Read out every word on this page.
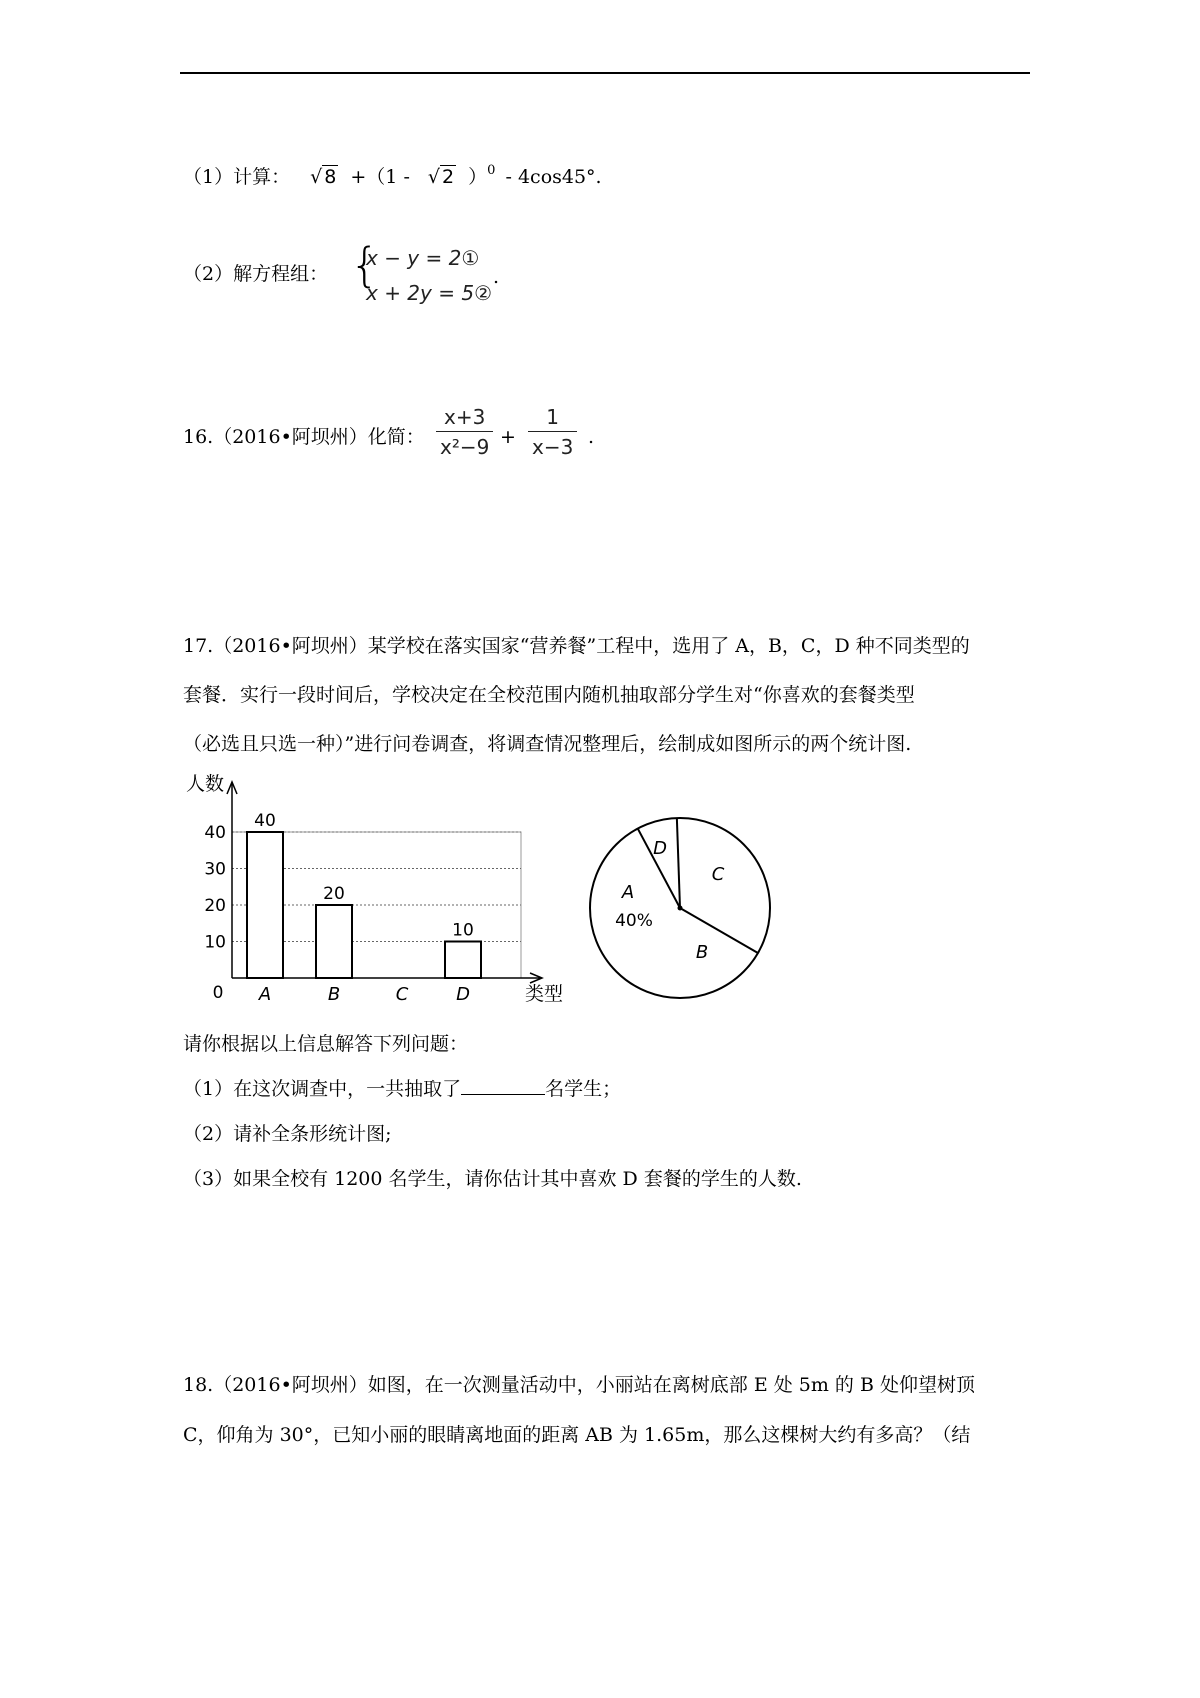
（1）计算： √ 8 +（1 - √ 2 ）$^0$ - 4cos45°.
（2）解方程组： {
x − y = 2①
x + 2y = 5②
.
16.（2016•阿坝州）化简： $\frac{x+3}{\text{x²−9}} + \frac{1}{x-3}$ .
17.（2016•阿坝州）某学校在落实国家“营养餐”工程中，选用了 A，B，C，D 种不同类型的
套餐．实行一段时间后，学校决定在全校范围内随机抽取部分学生对“你喜欢的套餐类型
（必选且只选一种）”进行问卷调查，将调查情况整理后，绘制成如图所示的两个统计图.
10
20
30
40
人数
类型
0 A
40
B
20
C	D
10
A
40%
B
C
D
请你根据以上信息解答下列问题：
（1）在这次调查中，一共抽取了	名学生；
（2）请补全条形统计图;
（3）如果全校有 1200 名学生，请你估计其中喜欢 D 套餐的学生的人数.
18.（2016•阿坝州）如图，在一次测量活动中，小丽站在离树底部 E 处 5m 的 B 处仰望树顶
C，仰角为 30°，已知小丽的眼睛离地面的距离 AB 为 1.65m，那么这棵树大约有多高？（结
